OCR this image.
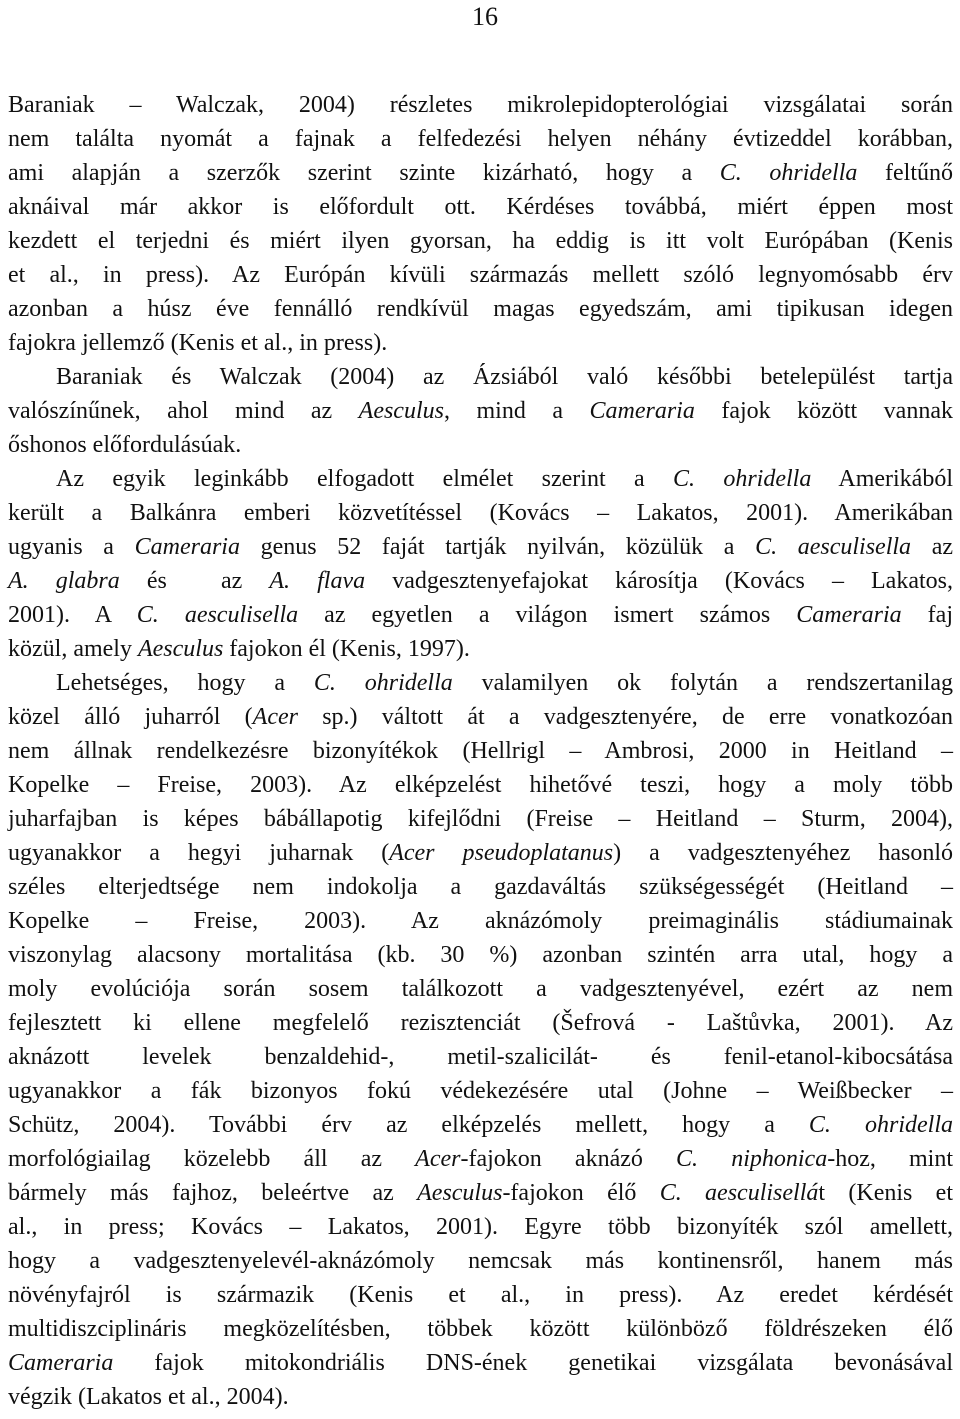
16
Baraniak – Walczak, 2004) részletes mikrolepidopterológiai vizsgálatai során
nem találta nyomát a fajnak a felfedezési helyen néhány évtizeddel korábban,
ami alapján a szerzők szerint szinte kizárható, hogy a C. ohridella feltűnő
aknáival már akkor is előfordult ott. Kérdéses továbbá, miért éppen most
kezdett el terjedni és miért ilyen gyorsan, ha eddig is itt volt Európában (Kenis
et al., in press). Az Európán kívüli származás mellett szóló legnyomósabb érv
azonban a húsz éve fennálló rendkívül magas egyedszám, ami tipikusan idegen
fajokra jellemző (Kenis et al., in press).
Baraniak és Walczak (2004) az Ázsiából való későbbi betelepülést tartja
valószínűnek, ahol mind az Aesculus, mind a Cameraria fajok között vannak
őshonos előfordulásúak.
Az egyik leginkább elfogadott elmélet szerint a C. ohridella Amerikából
került a Balkánra emberi közvetítéssel (Kovács – Lakatos, 2001). Amerikában
ugyanis a Cameraria genus 52 faját tartják nyilván, közülük a C. aesculisella az
A. glabra és  az A. flava vadgesztenyefajokat károsítja (Kovács – Lakatos,
2001). A C. aesculisella az egyetlen a világon ismert számos Cameraria faj
közül, amely Aesculus fajokon él (Kenis, 1997).
Lehetséges, hogy a C. ohridella valamilyen ok folytán a rendszertanilag
közel álló juharról (Acer sp.) váltott át a vadgesztenyére, de erre vonatkozóan
nem állnak rendelkezésre bizonyítékok (Hellrigl – Ambrosi, 2000 in Heitland –
Kopelke – Freise, 2003). Az elképzelést hihetővé teszi, hogy a moly több
juharfajban is képes bábállapotig kifejlődni (Freise – Heitland – Sturm, 2004),
ugyanakkor a hegyi juharnak (Acer pseudoplatanus) a vadgesztenyéhez hasonló
széles elterjedtsége nem indokolja a gazdaváltás szükségességét (Heitland –
Kopelke – Freise, 2003). Az aknázómoly preimaginális stádiumainak
viszonylag alacsony mortalitása (kb. 30 %) azonban szintén arra utal, hogy a
moly evolúciója során sosem találkozott a vadgesztenyével, ezért az nem
fejlesztett ki ellene megfelelő rezisztenciát (Šefrová - Laštůvka, 2001). Az
aknázott levelek benzaldehid-, metil-szalicilát- és fenil-etanol-kibocsátása
ugyanakkor a fák bizonyos fokú védekezésére utal (Johne – Weißbecker –
Schütz, 2004). További érv az elképzelés mellett, hogy a C. ohridella
morfológiailag közelebb áll az Acer-fajokon aknázó C. niphonica-hoz, mint
bármely más fajhoz, beleértve az Aesculus-fajokon élő C. aesculisellát (Kenis et
al., in press; Kovács – Lakatos, 2001). Egyre több bizonyíték szól amellett,
hogy a vadgesztenyelevél-aknázómoly nemcsak más kontinensről, hanem más
növényfajról is származik (Kenis et al., in press). Az eredet kérdését
multidiszciplináris megközelítésben, többek között különböző földrészeken élő
Cameraria fajok mitokondriális DNS-ének genetikai vizsgálata bevonásával
végzik (Lakatos et al., 2004).
